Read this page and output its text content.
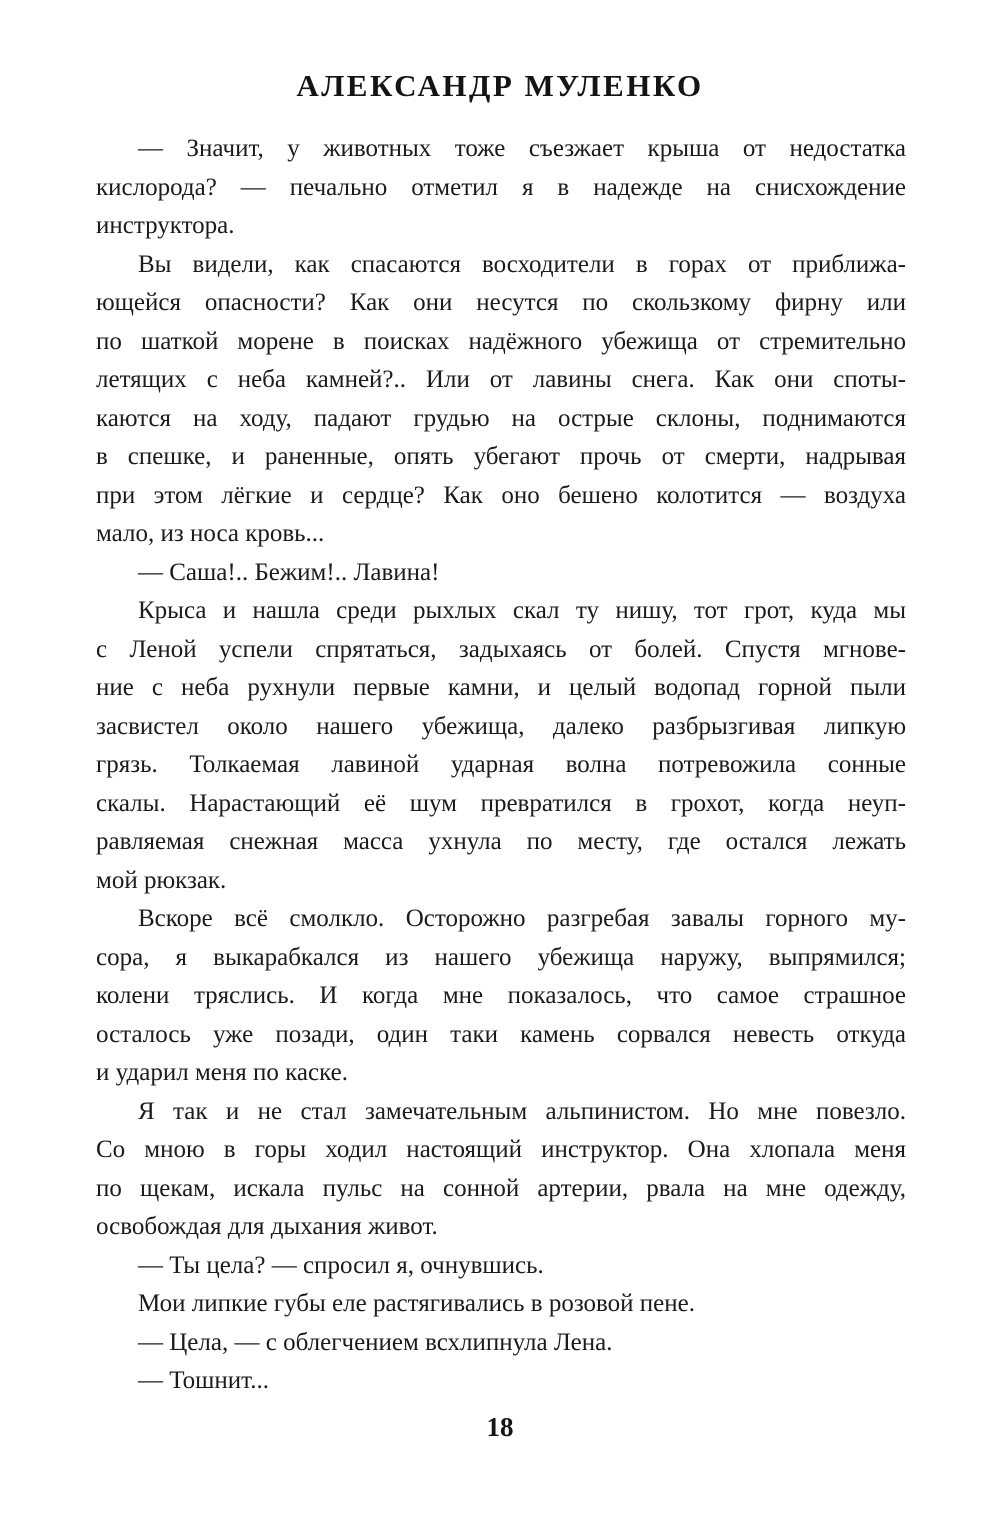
АЛЕКСАНДР МУЛЕНКО
— Значит, у животных тоже съезжает крыша от недостатка
кислорода? — печально отметил я в надежде на снисхождение
инструктора.
Вы видели, как спасаются восходители в горах от приближа-
ющейся опасности? Как они несутся по скользкому фирну или
по шаткой морене в поисках надёжного убежища от стремительно
летящих с неба камней?.. Или от лавины снега. Как они споты-
каются на ходу, падают грудью на острые склоны, поднимаются
в спешке, и раненные, опять убегают прочь от смерти, надрывая
при этом лёгкие и сердце? Как оно бешено колотится — воздуха
мало, из носа кровь...
— Саша!.. Бежим!.. Лавина!
Крыса и нашла среди рыхлых скал ту нишу, тот грот, куда мы
с Леной успели спрятаться, задыхаясь от болей. Спустя мгнове-
ние с неба рухнули первые камни, и целый водопад горной пыли
засвистел около нашего убежища, далеко разбрызгивая липкую
грязь. Толкаемая лавиной ударная волна потревожила сонные
скалы. Нарастающий её шум превратился в грохот, когда неуп-
равляемая снежная масса ухнула по месту, где остался лежать
мой рюкзак.
Вскоре всё смолкло. Осторожно разгребая завалы горного му-
сора, я выкарабкался из нашего убежища наружу, выпрямился;
колени тряслись. И когда мне показалось, что самое страшное
осталось уже позади, один таки камень сорвался невесть откуда
и ударил меня по каске.
Я так и не стал замечательным альпинистом. Но мне повезло.
Со мною в горы ходил настоящий инструктор. Она хлопала меня
по щекам, искала пульс на сонной артерии, рвала на мне одежду,
освобождая для дыхания живот.
— Ты цела? — спросил я, очнувшись.
Мои липкие губы еле растягивались в розовой пене.
— Цела, — с облегчением всхлипнула Лена.
— Тошнит...
18
